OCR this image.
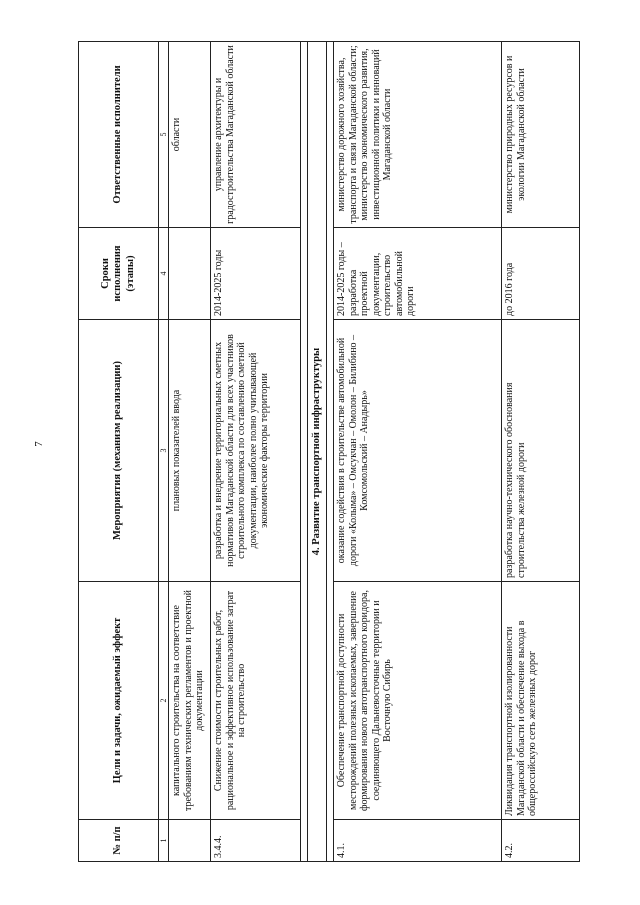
7
№ п/п	Цели и задачи, ожидаемый эффект	Мероприятия (механизм реализации)	Сроки исполнения (этапы)	Ответственные исполнители
1	2	3	4	5
	капитального строительства на соответствие требованиям технических регламентов и проектной документации	плановых показателей ввода		области
3.4.4.	Снижение стоимости строительных работ, рациональное и эффективное использование затрат на строительство	разработка и внедрение территориальных сметных нормативов Магаданской области для всех участников строительного комплекса по составлению сметной документации, наиболее полно учитывающей экономические факторы территории	2014-2025 годы	управление архитектуры и градостроительства Магаданской области

4. Развитие транспортной инфраструктуры				

4.1.	Обеспечение транспортной доступности месторождений полезных ископаемых, завершение формирования нового автотранспортного коридора, соединяющего Дальневосточные территории и Восточную Сибирь	оказание содействия в строительстве автомобильной дороги «Колыма» – Омсукчан – Омолон – Билибино – Комсомольский – Анадырь»	2014-2025 годы – разработка проектной документации, строительство автомобильной дороги	министерство дорожного хозяйства, транспорта и связи Магаданской области; министерство экономического развития, инвестиционной политики и инноваций Магаданской области
4.2.	Ликвидация транспортной изолированности Магаданской области и обеспечение выхода в общероссийскую сеть железных дорог	разработка научно-технического обоснования строительства железной дороги	до 2016 года	министерство природных ресурсов и экологии Магаданской области
